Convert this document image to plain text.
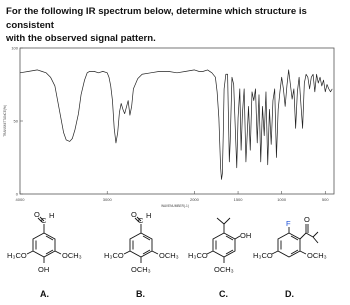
For the following IR spectrum below, determine which structure is consistent
with the observed signal pattern.
0
50
100
4000	3000	2000	1500	1000	500
TRANSMITTANCE(%)
WAVENUMBER(-1)
O
C
H
H₃CO	OCH₃
OH
A.
O
C
H
H₃CO	OCH₃
OCH₃
B.
H₃CO
OH
OCH₃
C.
F O
H₃CO	OCH₃
D.
